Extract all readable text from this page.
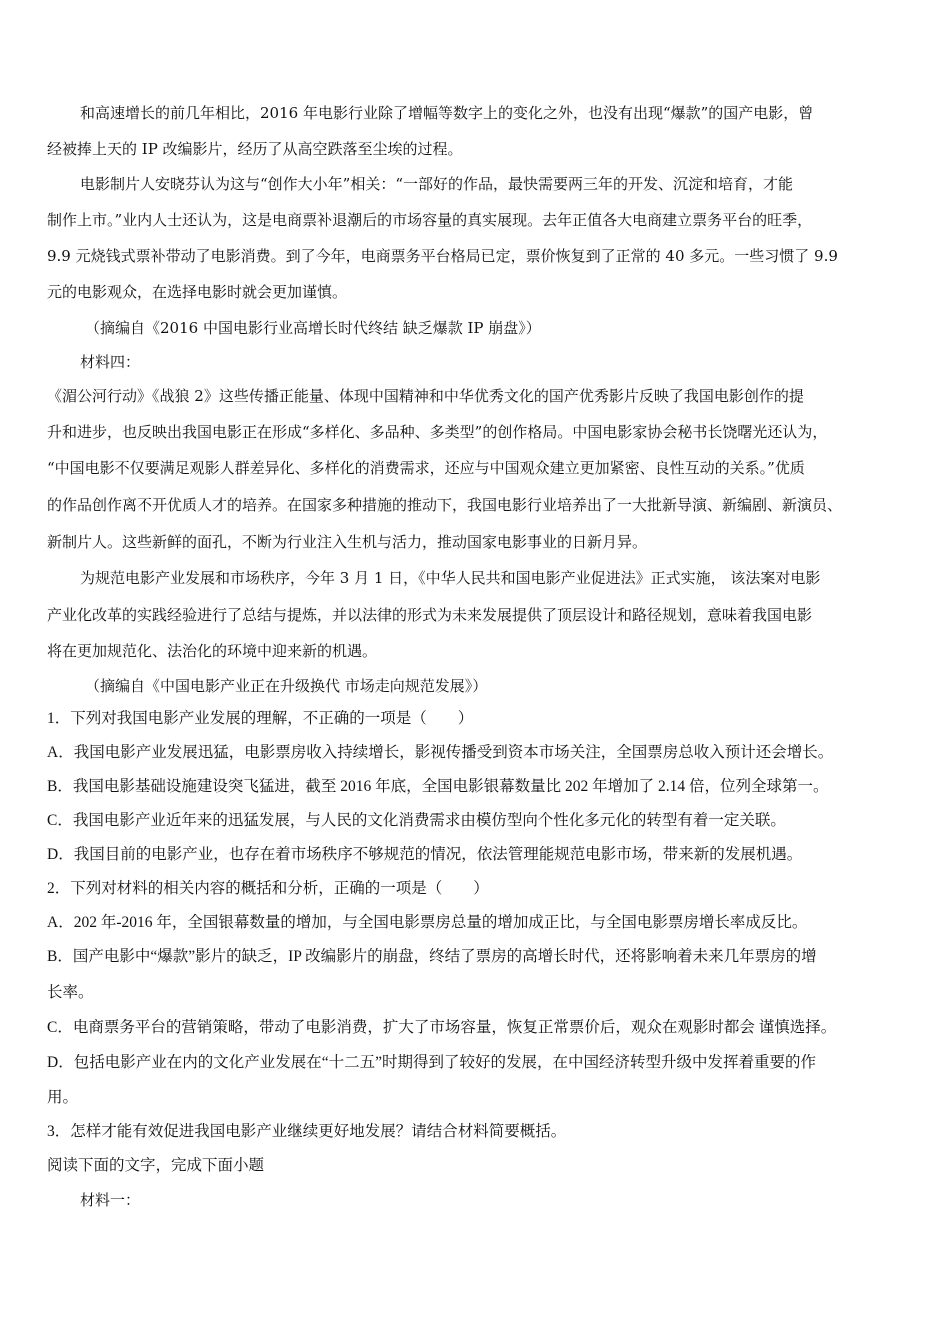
和高速增长的前几年相比，2016 年电影行业除了增幅等数字上的变化之外，也没有出现“爆款”的国产电影，曾

经被捧上天的 IP 改编影片，经历了从高空跌落至尘埃的过程。

电影制片人安晓芬认为这与“创作大小年”相关：“一部好的作品，最快需要两三年的开发、沉淀和培育，才能

制作上市。”业内人士还认为，这是电商票补退潮后的市场容量的真实展现。去年正值各大电商建立票务平台的旺季，

9.9 元烧钱式票补带动了电影消费。到了今年，电商票务平台格局已定，票价恢复到了正常的 40 多元。一些习惯了 9.9

元的电影观众，在选择电影时就会更加谨慎。

（摘编自《2016 中国电影行业高增长时代终结 缺乏爆款 IP 崩盘》）

材料四：

《湄公河行动》《战狼 2》这些传播正能量、体现中国精神和中华优秀文化的国产优秀影片反映了我国电影创作的提

升和进步，也反映出我国电影正在形成“多样化、多品种、多类型”的创作格局。中国电影家协会秘书长饶曙光还认为，

“中国电影不仅要满足观影人群差异化、多样化的消费需求，还应与中国观众建立更加紧密、良性互动的关系。”优质

的作品创作离不开优质人才的培养。在国家多种措施的推动下，我国电影行业培养出了一大批新导演、新编剧、新演员、

新制片人。这些新鲜的面孔，不断为行业注入生机与活力，推动国家电影事业的日新月异。

为规范电影产业发展和市场秩序，今年 3 月 1 日，《中华人民共和国电影产业促进法》正式实施， 该法案对电影

产业化改革的实践经验进行了总结与提炼，并以法律的形式为未来发展提供了顶层设计和路径规划，意味着我国电影

将在更加规范化、法治化的环境中迎来新的机遇。

（摘编自《中国电影产业正在升级换代 市场走向规范发展》）

1．下列对我国电影产业发展的理解，不正确的一项是（　　）

A．我国电影产业发展迅猛，电影票房收入持续增长，影视传播受到资本市场关注，全国票房总收入预计还会增长。

B．我国电影基础设施建设突飞猛进，截至 2016 年底，全国电影银幕数量比 202 年增加了 2.14 倍，位列全球第一。

C．我国电影产业近年来的迅猛发展，与人民的文化消费需求由模仿型向个性化多元化的转型有着一定关联。

D．我国目前的电影产业，也存在着市场秩序不够规范的情况，依法管理能规范电影市场，带来新的发展机遇。

2．下列对材料的相关内容的概括和分析，正确的一项是（　　）

A．202 年-2016 年，全国银幕数量的增加，与全国电影票房总量的增加成正比，与全国电影票房增长率成反比。

B．国产电影中“爆款”影片的缺乏，IP 改编影片的崩盘，终结了票房的高增长时代，还将影响着未来几年票房的增

长率。

C．电商票务平台的营销策略，带动了电影消费，扩大了市场容量，恢复正常票价后，观众在观影时都会 谨慎选择。

D．包括电影产业在内的文化产业发展在“十二五”时期得到了较好的发展，在中国经济转型升级中发挥着重要的作

用。

3．怎样才能有效促进我国电影产业继续更好地发展？请结合材料简要概括。

阅读下面的文字，完成下面小题

材料一：
